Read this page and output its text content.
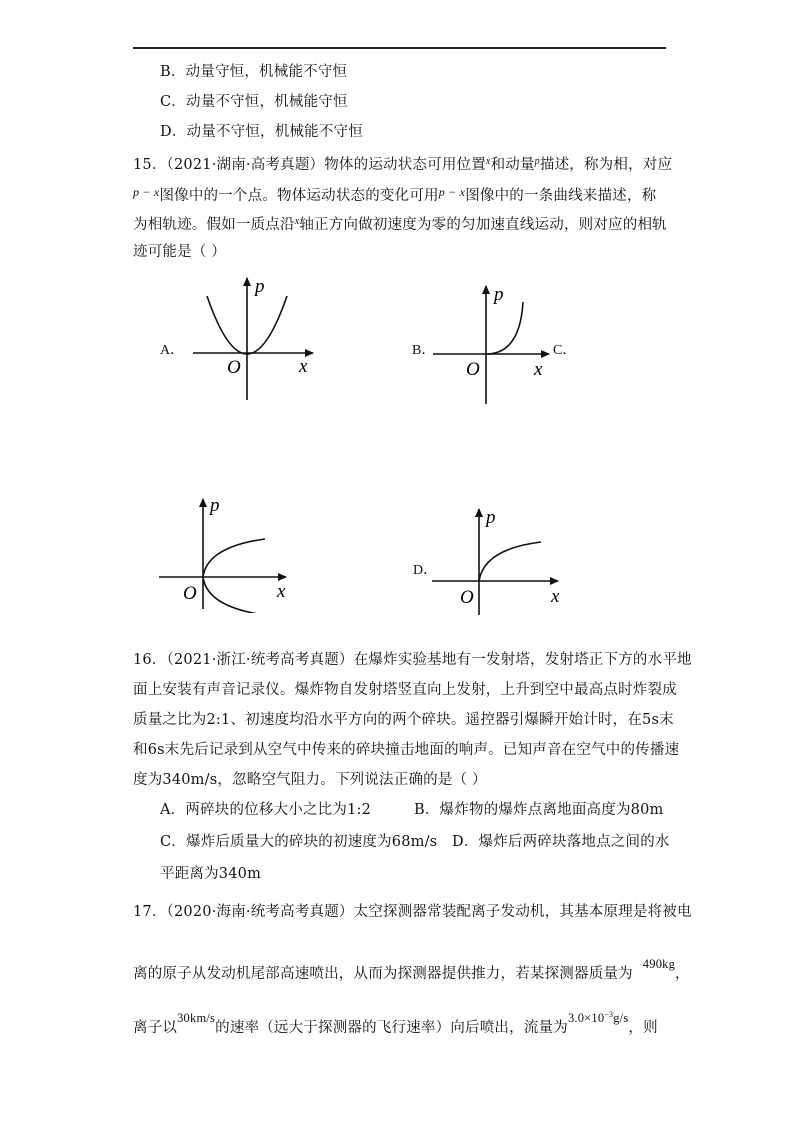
B．动量守恒，机械能不守恒
C．动量不守恒，机械能守恒
D．动量不守恒，机械能不守恒
15．（2021·湖南·高考真题）物体的运动状态可用位置$^x$和动量$^p$描述，称为相，对应
$^{p - x}$图像中的一个点。物体运动状态的变化可用$^{p - x}$图像中的一条曲线来描述，称
为相轨迹。假如一质点沿$^x$轴正方向做初速度为零的匀加速直线运动，则对应的相轨
迹可能是（ ）
A．
p
x
O
B．
p
x
O
C．
p
x
O
D．
p
x
O
16．（2021·浙江·统考高考真题）在爆炸实验基地有一发射塔，发射塔正下方的水平地
面上安装有声音记录仪。爆炸物自发射塔竖直向上发射，上升到空中最高点时炸裂成
质量之比为2:1、初速度均沿水平方向的两个碎块。遥控器引爆瞬开始计时，在5s末
和6s末先后记录到从空气中传来的碎块撞击地面的响声。已知声音在空气中的传播速
度为340m/s，忽略空气阻力。下列说法正确的是（ ）
A．两碎块的位移大小之比为1:2	B．爆炸物的爆炸点离地面高度为80m
C．爆炸后质量大的碎块的初速度为68m/s D．爆炸后两碎块落地点之间的水
平距离为340m
17．（2020·海南·统考高考真题）太空探测器常装配离子发动机，其基本原理是将被电
离的原子从发动机尾部高速喷出，从而为探测器提供推力，若某探测器质量为490kg，
离子以30km/s的速率（远大于探测器的飞行速率）向后喷出，流量为$3.0\times 10^{-3}g/s$，则
